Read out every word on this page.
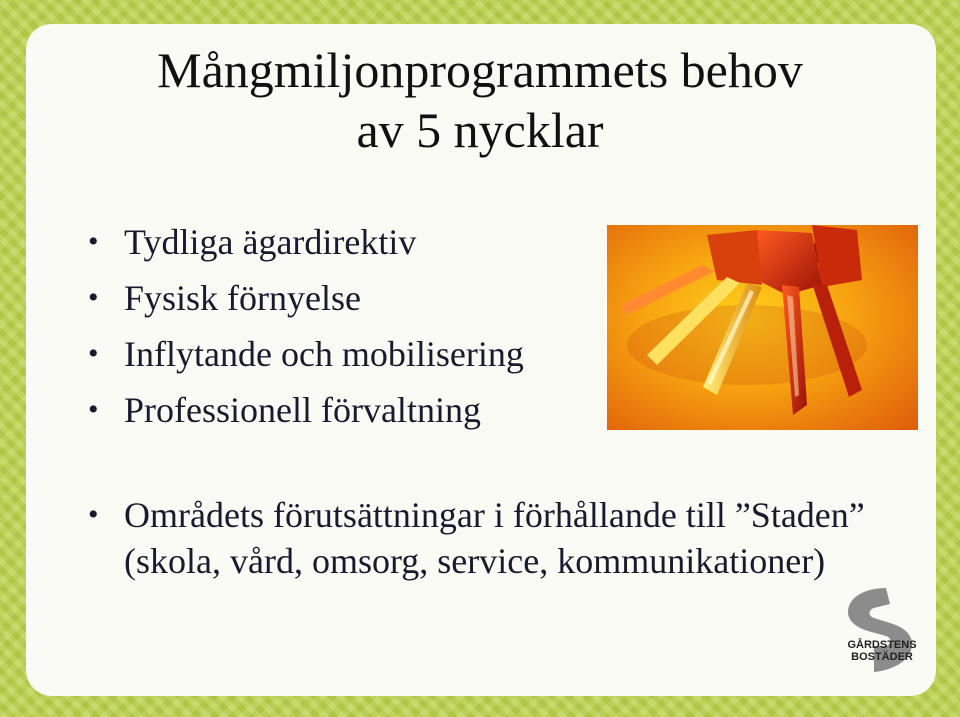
Mångmiljonprogrammets behov
av 5 nycklar
• Tydliga ägardirektiv
• Fysisk förnyelse
• Inflytande och mobilisering
• Professionell förvaltning
• Områdets förutsättningar i förhållande till ”Staden” (skola, vård, omsorg, service, kommunikationer)
GÅRDSTENS
BOSTÄDER
